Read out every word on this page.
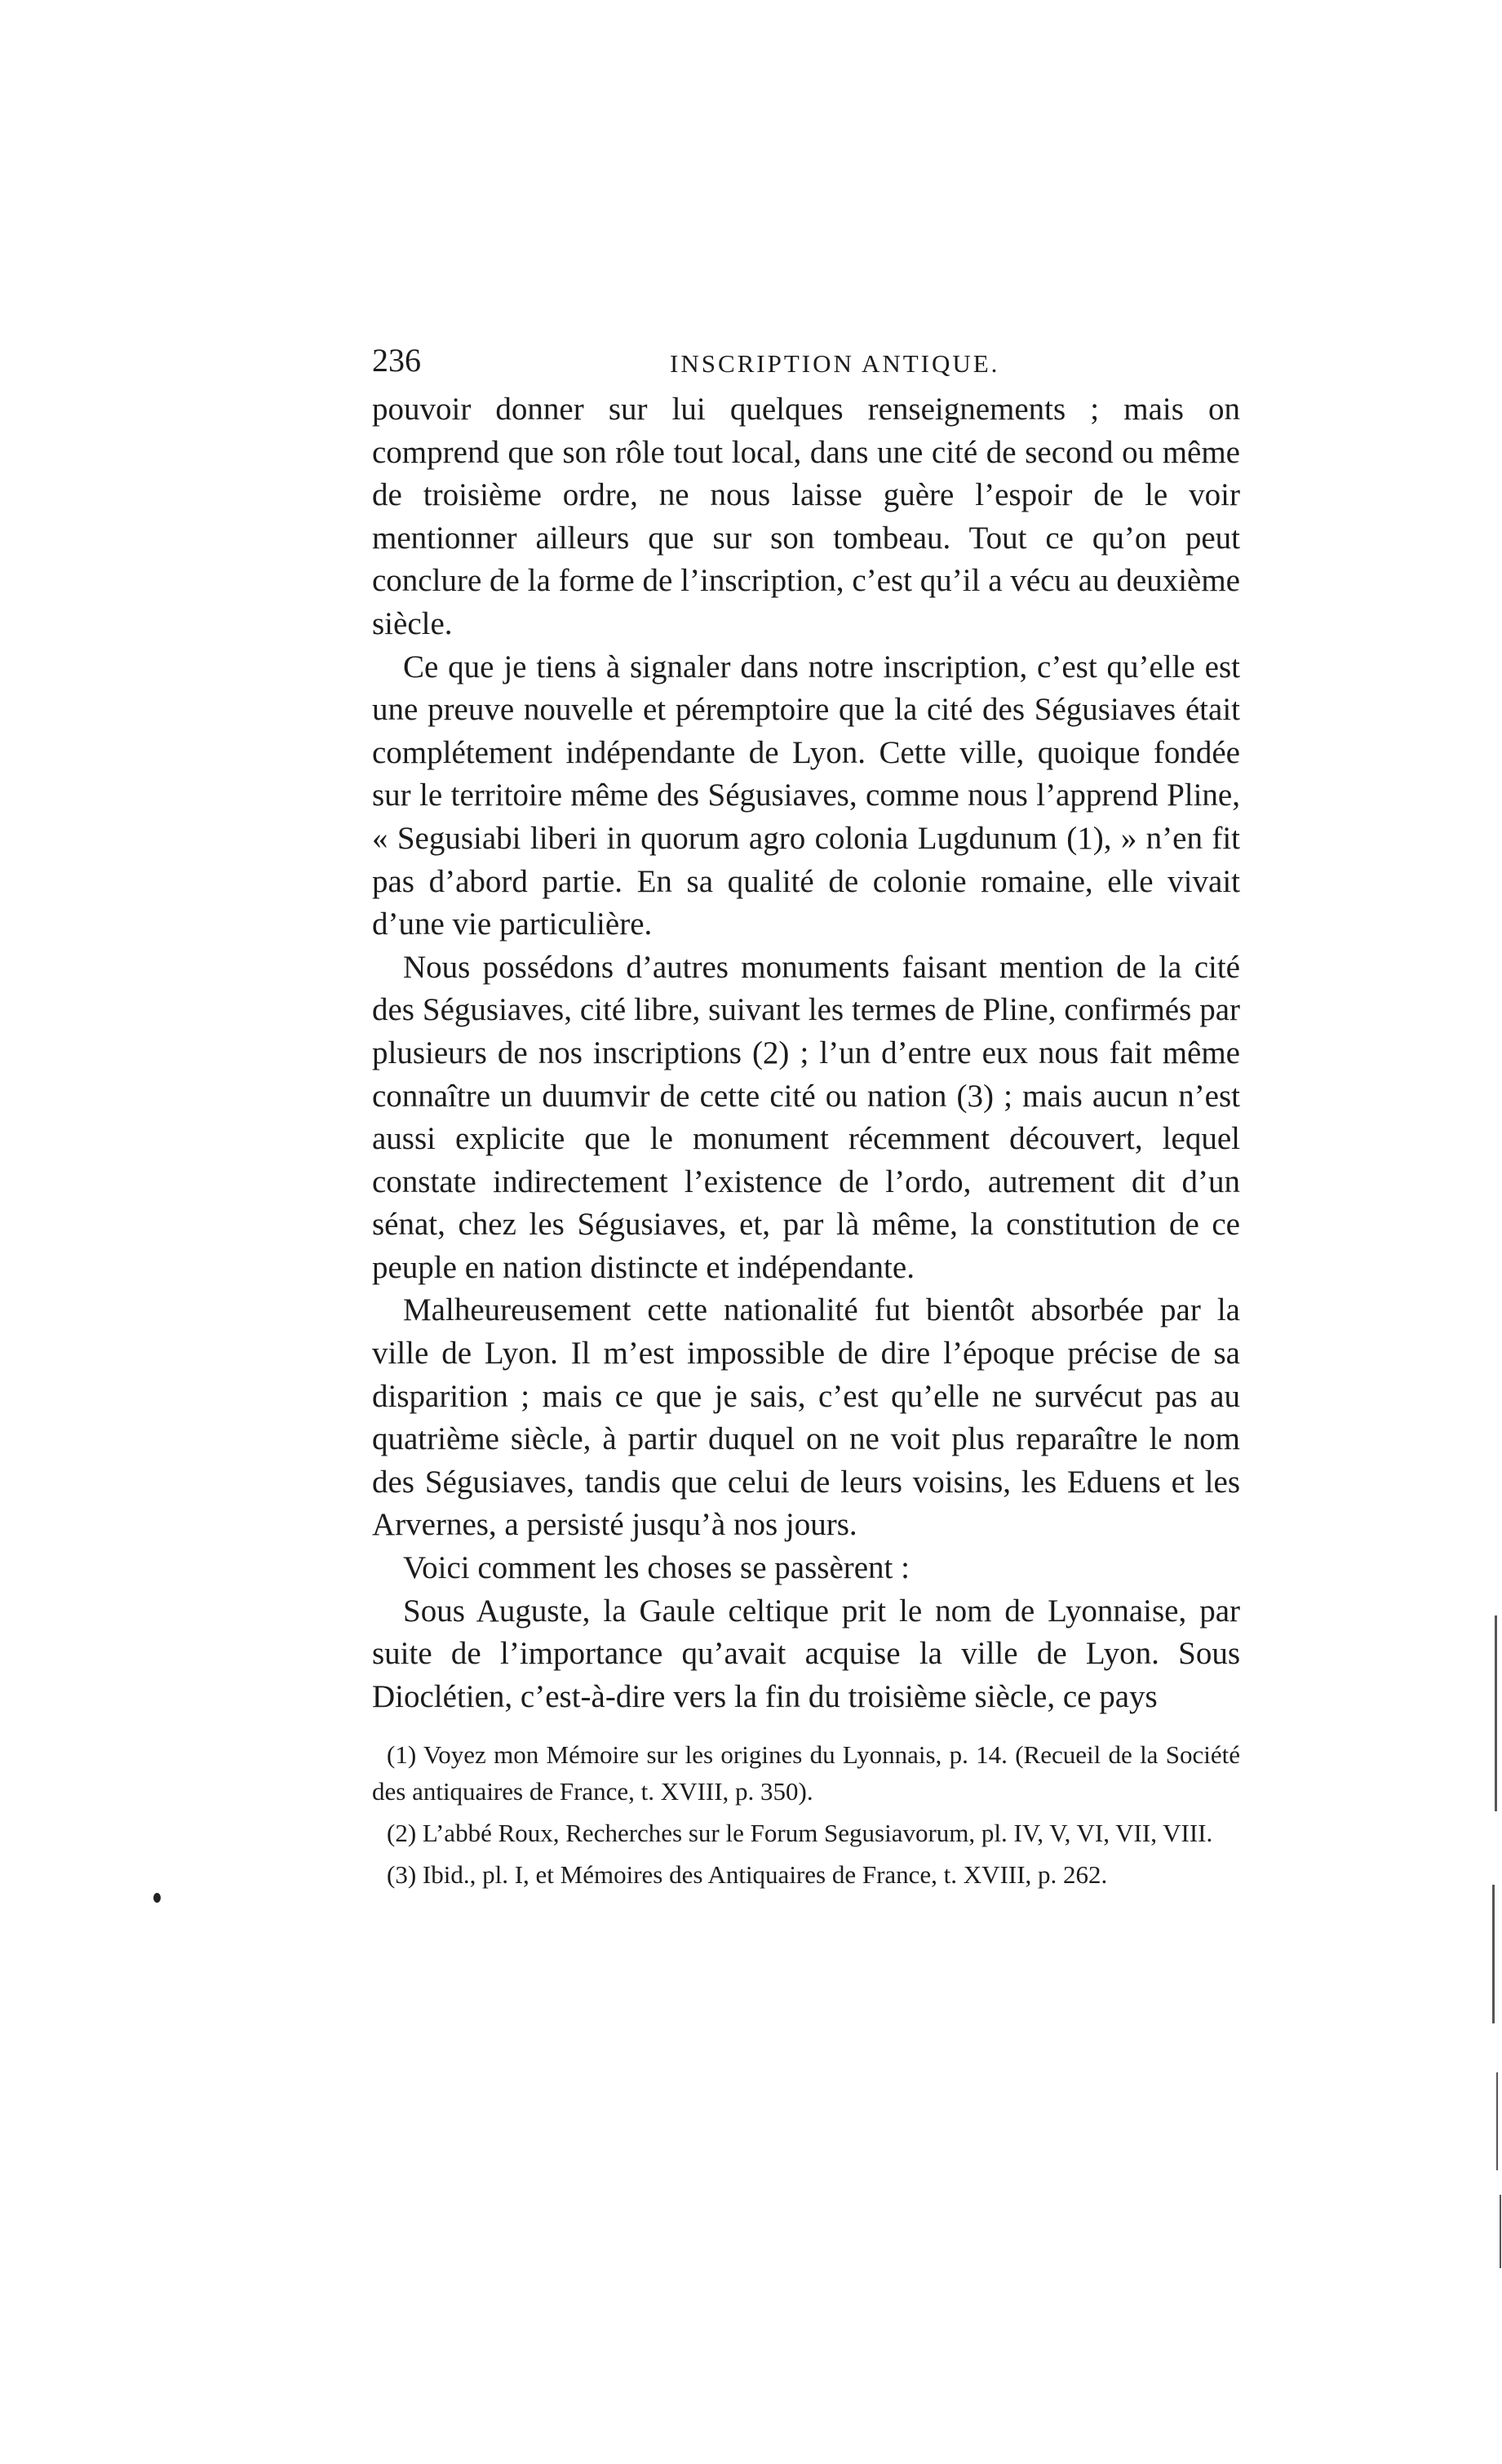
236	INSCRIPTION ANTIQUE.

pouvoir donner sur lui quelques renseignements ; mais on comprend que son rôle tout local, dans une cité de second ou même de troisième ordre, ne nous laisse guère l’espoir de le voir mentionner ailleurs que sur son tombeau. Tout ce qu’on peut conclure de la forme de l’inscription, c’est qu’il a vécu au deuxième siècle.

Ce que je tiens à signaler dans notre inscription, c’est qu’elle est une preuve nouvelle et péremptoire que la cité des Ségusiaves était complétement indépendante de Lyon. Cette ville, quoique fondée sur le territoire même des Ségusiaves, comme nous l’apprend Pline, « Segusiabi liberi in quorum agro colonia Lugdunum (1), » n’en fit pas d’abord partie. En sa qualité de colonie romaine, elle vivait d’une vie particulière.

Nous possédons d’autres monuments faisant mention de la cité des Ségusiaves, cité libre, suivant les termes de Pline, confirmés par plusieurs de nos inscriptions (2) ; l’un d’entre eux nous fait même connaître un duumvir de cette cité ou nation (3) ; mais aucun n’est aussi explicite que le monument récemment découvert, lequel constate indirectement l’existence de l’ordo, autrement dit d’un sénat, chez les Ségusiaves, et, par là même, la constitution de ce peuple en nation distincte et indépendante.

Malheureusement cette nationalité fut bientôt absorbée par la ville de Lyon. Il m’est impossible de dire l’époque précise de sa disparition ; mais ce que je sais, c’est qu’elle ne survécut pas au quatrième siècle, à partir duquel on ne voit plus reparaître le nom des Ségusiaves, tandis que celui de leurs voisins, les Eduens et les Arvernes, a persisté jusqu’à nos jours.

Voici comment les choses se passèrent :

Sous Auguste, la Gaule celtique prit le nom de Lyonnaise, par suite de l’importance qu’avait acquise la ville de Lyon. Sous Dioclétien, c’est-à-dire vers la fin du troisième siècle, ce pays

(1) Voyez mon Mémoire sur les origines du Lyonnais, p. 14. (Recueil de la Société des antiquaires de France, t. XVIII, p. 350).

(2) L’abbé Roux, Recherches sur le Forum Segusiavorum, pl. IV, V, VI, VII, VIII.

(3) Ibid., pl. I, et Mémoires des Antiquaires de France, t. XVIII, p. 262.
